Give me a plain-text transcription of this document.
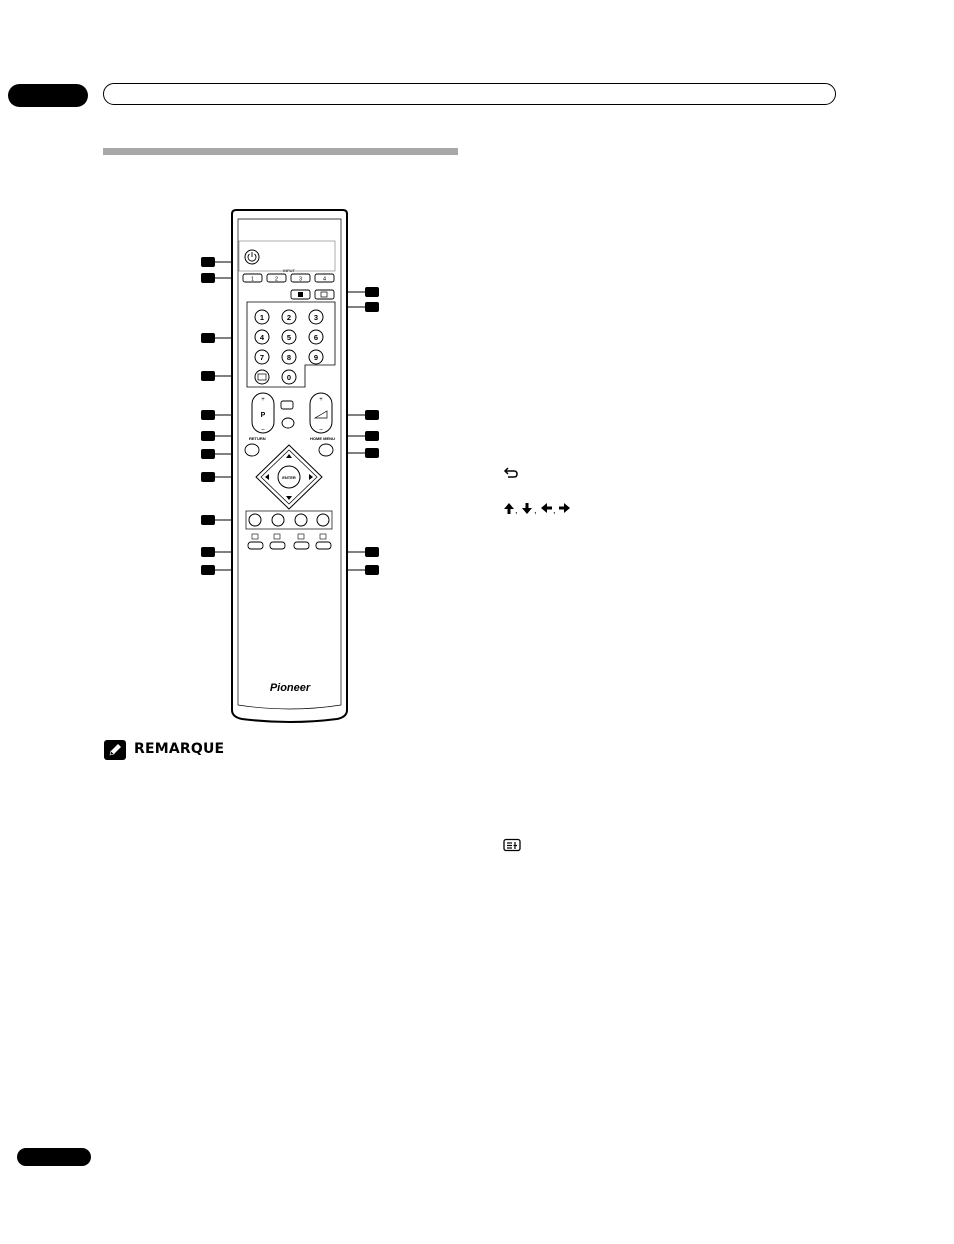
INPUT
1	2	3	4
1	2	3
4	5	6
7	8	9
0
+
P
–
+
–
RETURN	HOME MENU
ENTER
Pioneer
REMARQUE
, , ,
